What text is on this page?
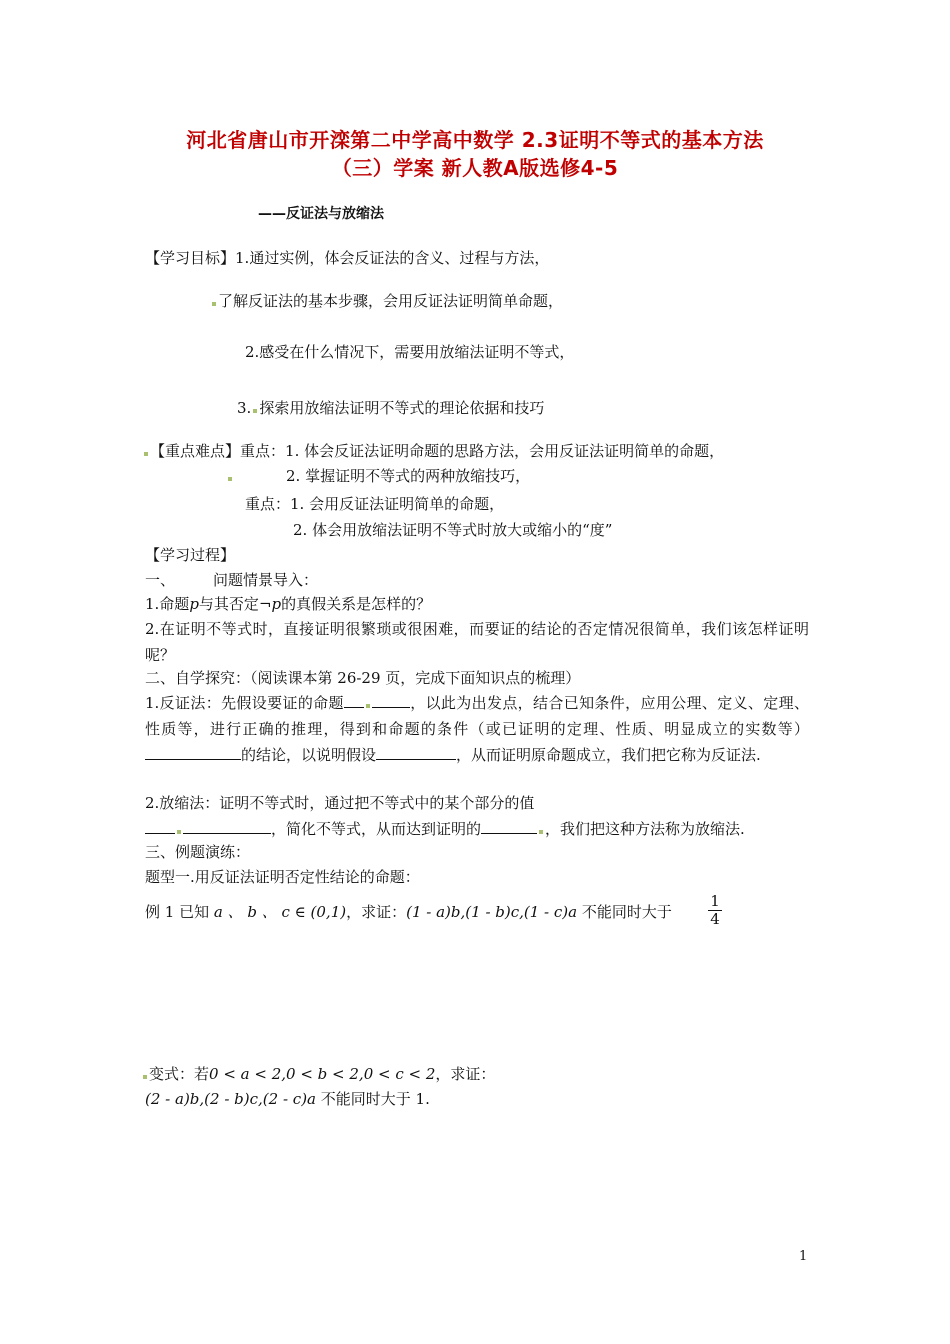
河北省唐山市开滦第二中学高中数学 2.3证明不等式的基本方法
（三）学案 新人教A版选修4-5
——反证法与放缩法
【学习目标】1.通过实例，体会反证法的含义、过程与方法，
了解反证法的基本步骤，会用反证法证明简单命题，
2.感受在什么情况下，需要用放缩法证明不等式，
3. 探索用放缩法证明不等式的理论依据和技巧
【重点难点】重点：1. 体会反证法证明命题的思路方法，会用反证法证明简单的命题，
2. 掌握证明不等式的两种放缩技巧，
重点：1. 会用反证法证明简单的命题，
2. 体会用放缩法证明不等式时放大或缩小的“度”
【学习过程】
一、	问题情景导入：
1.命题p与其否定¬p的真假关系是怎样的？
2.在证明不等式时，直接证明很繁琐或很困难，而要证的结论的否定情况很简单，我们该怎样证明呢？
二、自学探究：（阅读课本第 26-29 页，完成下面知识点的梳理）
1.反证法：先假设要证的命题	，以此为出发点，结合已知条件，应用公理、定义、定理、性质等，进行正确的推理，得到和命题的条件（或已证明的定理、性质、明显成立的实数等）的结论，以说明假设	，从而证明原命题成立，我们把它称为反证法.
2.放缩法：证明不等式时，通过把不等式中的某个部分的值
，简化不等式，从而达到证明的	，我们把这种方法称为放缩法.
三、例题演练：
题型一.用反证法证明否定性结论的命题：
例 1 已知 a 、 b 、 c ∈ (0,1)，求证：(1 - a)b,(1 - b)c,(1 - c)a 不能同时大于
1
4
变式：若0 < a < 2,0 < b < 2,0 < c < 2，求证：
(2 - a)b,(2 - b)c,(2 - c)a 不能同时大于 1.
1
